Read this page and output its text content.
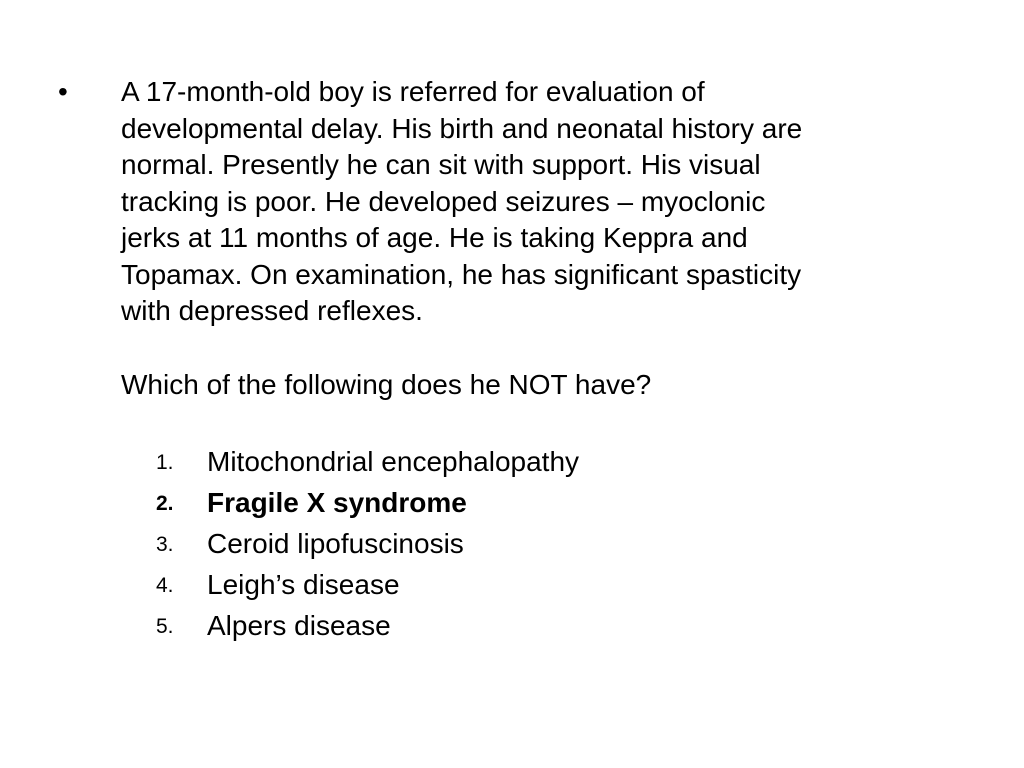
• A 17-month-old boy is referred for evaluation of
developmental delay. His birth and neonatal history are
normal. Presently he can sit with support. His visual
tracking is poor. He developed seizures – myoclonic
jerks at 11 months of age. He is taking Keppra and
Topamax. On examination, he has significant spasticity
with depressed reflexes.
Which of the following does he NOT have?
1. Mitochondrial encephalopathy
2. Fragile X syndrome
3. Ceroid lipofuscinosis
4. Leigh’s disease
5. Alpers disease
